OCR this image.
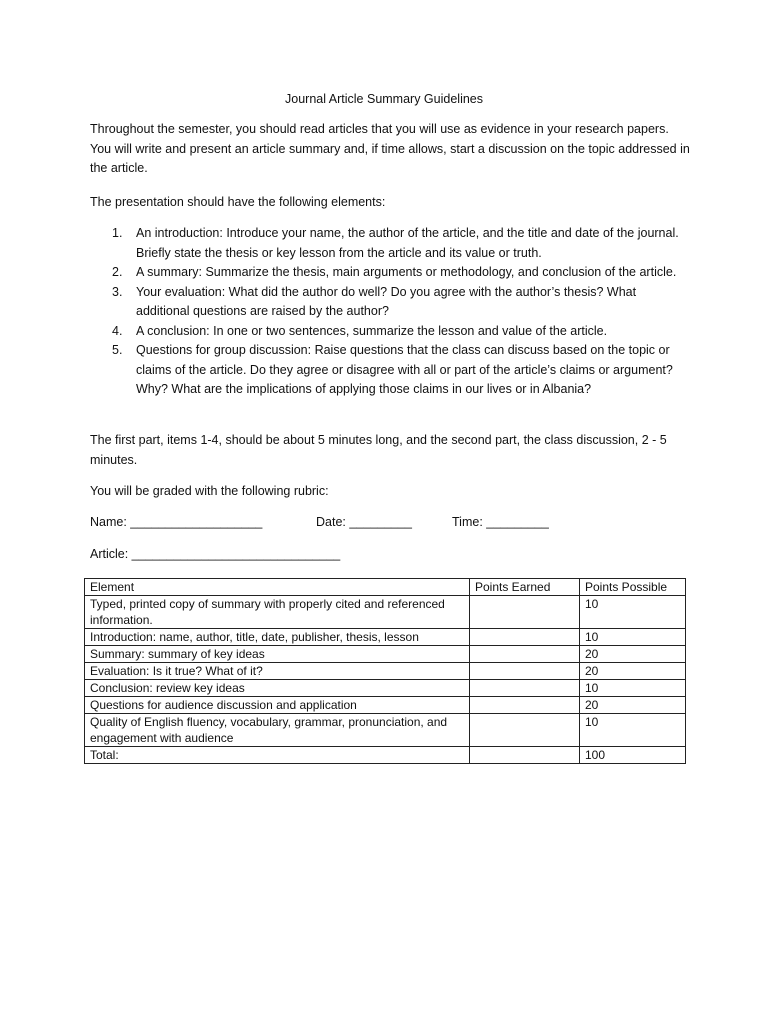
Journal Article Summary Guidelines
Throughout the semester, you should read articles that you will use as evidence in your research papers. You will write and present an article summary and, if time allows, start a discussion on the topic addressed in the article.
The presentation should have the following elements:
1. An introduction: Introduce your name, the author of the article, and the title and date of the journal. Briefly state the thesis or key lesson from the article and its value or truth.
2. A summary: Summarize the thesis, main arguments or methodology, and conclusion of the article.
3. Your evaluation: What did the author do well? Do you agree with the author’s thesis? What additional questions are raised by the author?
4. A conclusion: In one or two sentences, summarize the lesson and value of the article.
5. Questions for group discussion: Raise questions that the class can discuss based on the topic or claims of the article. Do they agree or disagree with all or part of the article’s claims or argument? Why? What are the implications of applying those claims in our lives or in Albania?
The first part, items 1-4, should be about 5 minutes long, and the second part, the class discussion, 2 - 5 minutes.
You will be graded with the following rubric:
Name: ___________________	Date: _________	Time: _________
Article: ______________________________
Element	Points Earned	Points Possible
Typed, printed copy of summary with properly cited and referenced information.		10
Introduction: name, author, title, date, publisher, thesis, lesson		10
Summary: summary of key ideas		20
Evaluation: Is it true? What of it?		20
Conclusion: review key ideas		10
Questions for audience discussion and application		20
Quality of English fluency, vocabulary, grammar, pronunciation, and engagement with audience		10
Total:		100
